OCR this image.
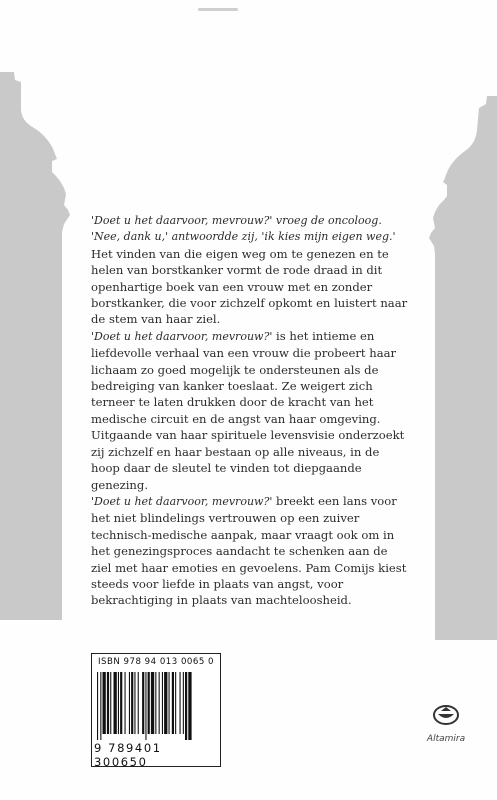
'Doet u het daarvoor, mevrouw?' vroeg de oncoloog.

'Nee, dank u,' antwoordde zij, 'ik kies mijn eigen weg.'

Het vinden van die eigen weg om te genezen en te helen van borstkanker vormt de rode draad in dit openhartige boek van een vrouw met en zonder borstkanker, die voor zichzelf opkomt en luistert naar de stem van haar ziel.

'Doet u het daarvoor, mevrouw?' is het intieme en liefdevolle verhaal van een vrouw die probeert haar lichaam zo goed mogelijk te ondersteunen als de bedreiging van kanker toeslaat. Ze weigert zich terneer te laten drukken door de kracht van het medische circuit en de angst van haar omgeving. Uitgaande van haar spirituele levensvisie onderzoekt zij zichzelf en haar bestaan op alle niveaus, in de hoop daar de sleutel te vinden tot diepgaande genezing.

'Doet u het daarvoor, mevrouw?' breekt een lans voor het niet blindelings vertrouwen op een zuiver technisch-medische aanpak, maar vraagt ook om in het genezingsproces aandacht te schenken aan de ziel met haar emoties en gevoelens. Pam Comijs kiest steeds voor liefde in plaats van angst, voor bekrachtiging in plaats van machteloosheid.

ISBN 978 94 013 0065 0
9 789401 300650
Altamira
